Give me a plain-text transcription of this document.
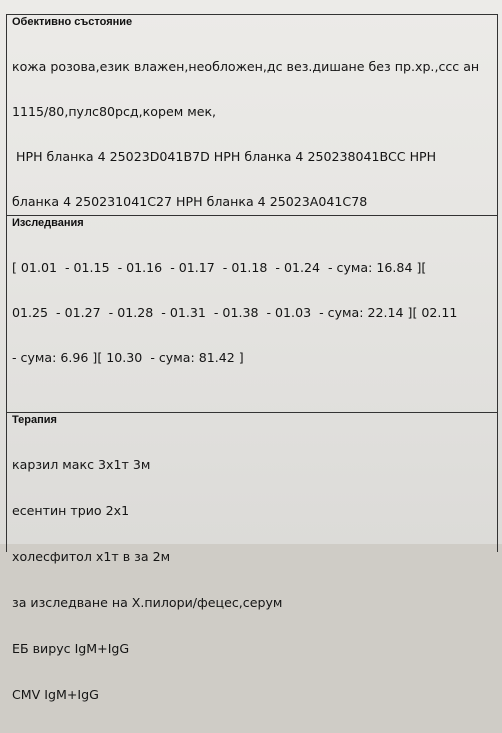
Обективно състояние

кожа розова,език влажен,необложен,дс вез.дишане без пр.хр.,ссс ан

1115/80,пулс80рсд,корем мек,

НРН бланка 4 25023D041B7D НРН бланка 4 250238041BCC НРН

бланка 4 250231041C27 НРН бланка 4 25023A041C78

Изследвания

[ 01.01  - 01.15  - 01.16  - 01.17  - 01.18  - 01.24  - сума: 16.84 ][

01.25  - 01.27  - 01.28  - 01.31  - 01.38  - 01.03  - сума: 22.14 ][ 02.11

- сума: 6.96 ][ 10.30  - сума: 81.42 ]

Терапия

карзил макс 3х1т 3м

есентин трио 2х1

холесфитол х1т в за 2м

за изследване на Х.пилори/фецес,серум

ЕБ вирус IgM+IgG

CMV IgM+IgG
